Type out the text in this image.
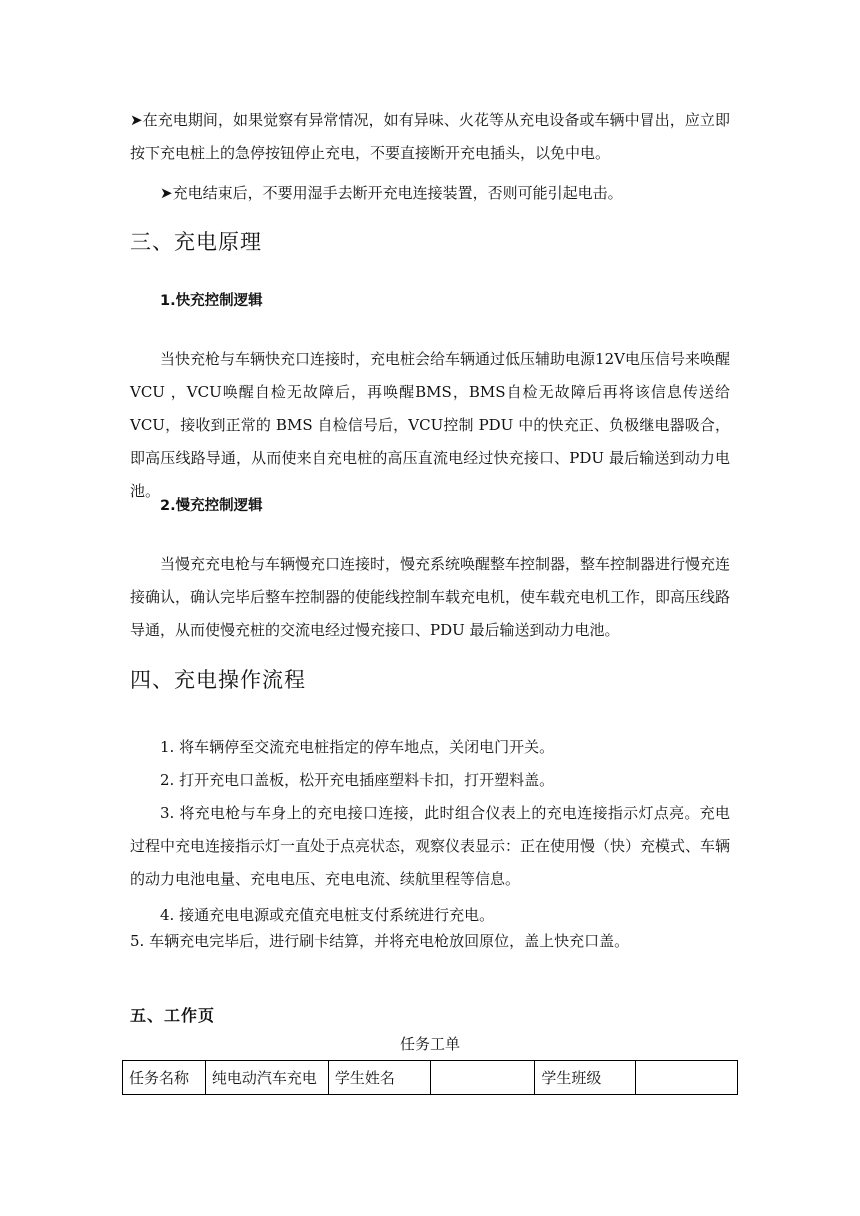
➤在充电期间，如果觉察有异常情况，如有异味、火花等从充电设备或车辆中冒出，应立即按下充电桩上的急停按钮停止充电，不要直接断开充电插头，以免中电。

➤充电结束后，不要用湿手去断开充电连接装置，否则可能引起电击。

三、充电原理
1.快充控制逻辑

当快充枪与车辆快充口连接时，充电桩会给车辆通过低压辅助电源12V电压信号来唤醒VCU ，VCU唤醒自检无故障后，再唤醒BMS，BMS自检无故障后再将该信息传送给VCU，接收到正常的 BMS 自检信号后，VCU控制 PDU 中的快充正、负极继电器吸合，即高压线路导通，从而使来自充电桩的高压直流电经过快充接口、PDU 最后输送到动力电池。

2.慢充控制逻辑

当慢充充电枪与车辆慢充口连接时，慢充系统唤醒整车控制器，整车控制器进行慢充连接确认，确认完毕后整车控制器的使能线控制车载充电机，使车载充电机工作，即高压线路导通，从而使慢充桩的交流电经过慢充接口、PDU 最后输送到动力电池。

四、充电操作流程

1. 将车辆停至交流充电桩指定的停车地点，关闭电门开关。

2. 打开充电口盖板，松开充电插座塑料卡扣，打开塑料盖。

3. 将充电枪与车身上的充电接口连接，此时组合仪表上的充电连接指示灯点亮。充电过程中充电连接指示灯一直处于点亮状态，观察仪表显示：正在使用慢（快）充模式、车辆的动力电池电量、充电电压、充电电流、续航里程等信息。

4. 接通充电电源或充值充电桩支付系统进行充电。

5. 车辆充电完毕后，进行刷卡结算，并将充电枪放回原位，盖上快充口盖。

五、工作页

任务工单

任务名称	纯电动汽车充电	学生姓名		学生班级	
